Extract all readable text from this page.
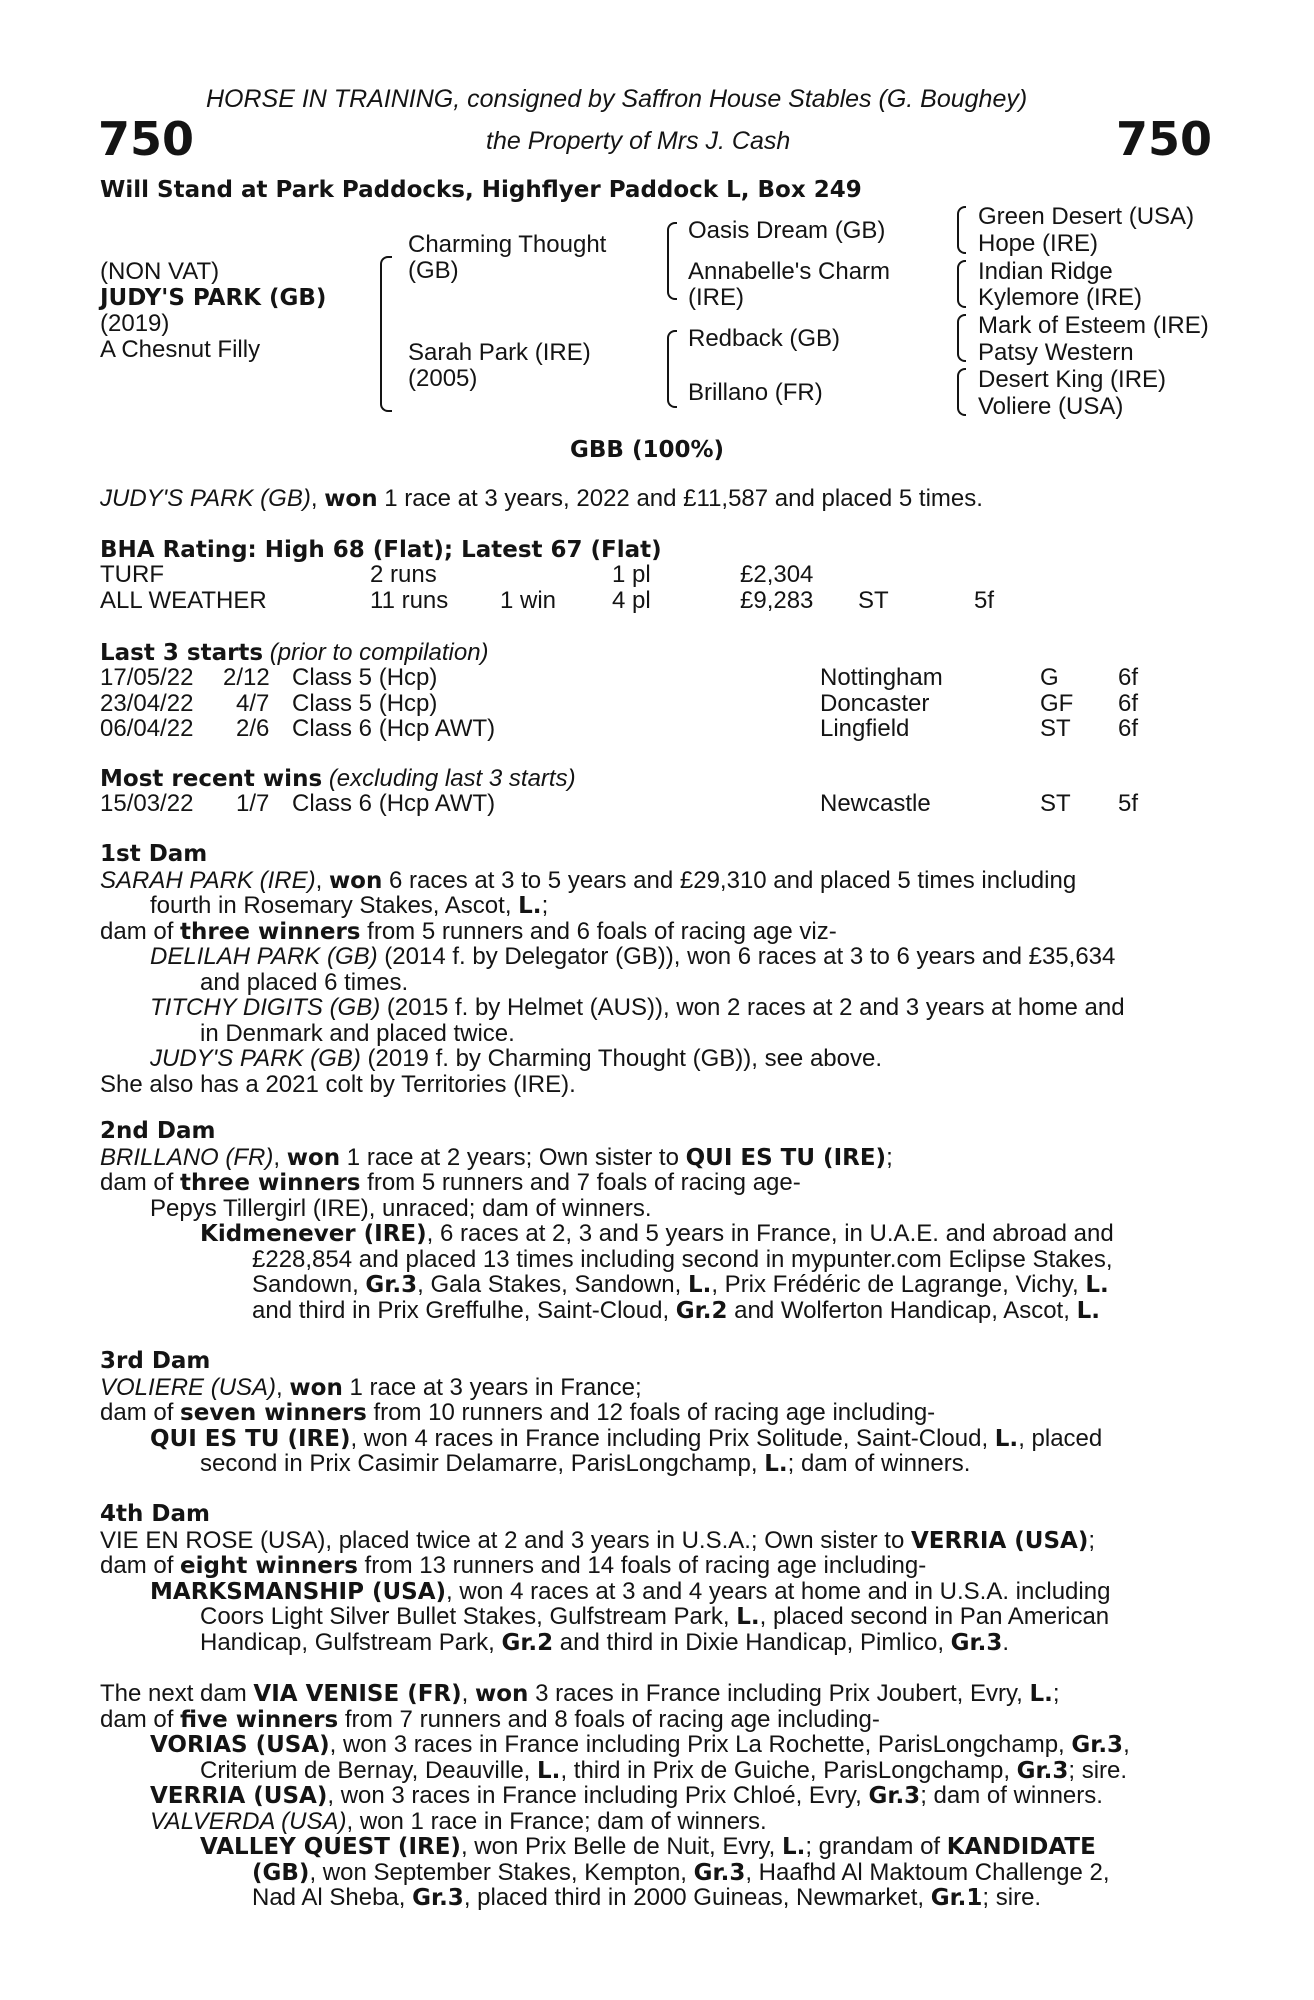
HORSE IN TRAINING, consigned by Saffron House Stables (G. Boughey)
750	the Property of Mrs J. Cash	750
Will Stand at Park Paddocks, Highflyer Paddock L, Box 249
(NON VAT)
JUDY'S PARK (GB)
(2019)
A Chesnut Filly
Charming Thought
(GB)
Sarah Park (IRE)
(2005)
Oasis Dream (GB)
Annabelle's Charm
(IRE)
Redback (GB)
Brillano (FR)
Green Desert (USA)
Hope (IRE)
Indian Ridge
Kylemore (IRE)
Mark of Esteem (IRE)
Patsy Western
Desert King (IRE)
Voliere (USA)
GBB (100%)
JUDY'S PARK (GB), won 1 race at 3 years, 2022 and £11,587 and placed 5 times.
BHA Rating: High 68 (Flat); Latest 67 (Flat)
TURF	2 runs	1 pl	£2,304
ALL WEATHER	11 runs 1 win 4 pl	£9,283 ST	5f
Last 3 starts (prior to compilation)
17/05/22 2/12 Class 5 (Hcp)	Nottingham	G 6f
23/04/22 4/7 Class 5 (Hcp)	Doncaster	GF 6f
06/04/22 2/6 Class 6 (Hcp AWT)	Lingfield	ST 6f
Most recent wins (excluding last 3 starts)
15/03/22 1/7 Class 6 (Hcp AWT)	Newcastle	ST 5f
1st Dam
SARAH PARK (IRE), won 6 races at 3 to 5 years and £29,310 and placed 5 times including
fourth in Rosemary Stakes, Ascot, L.;
dam of three winners from 5 runners and 6 foals of racing age viz-
DELILAH PARK (GB) (2014 f. by Delegator (GB)), won 6 races at 3 to 6 years and £35,634
and placed 6 times.
TITCHY DIGITS (GB) (2015 f. by Helmet (AUS)), won 2 races at 2 and 3 years at home and
in Denmark and placed twice.
JUDY'S PARK (GB) (2019 f. by Charming Thought (GB)), see above.
She also has a 2021 colt by Territories (IRE).
2nd Dam
BRILLANO (FR), won 1 race at 2 years; Own sister to QUI ES TU (IRE);
dam of three winners from 5 runners and 7 foals of racing age-
Pepys Tillergirl (IRE), unraced; dam of winners.
Kidmenever (IRE), 6 races at 2, 3 and 5 years in France, in U.A.E. and abroad and
£228,854 and placed 13 times including second in mypunter.com Eclipse Stakes,
Sandown, Gr.3, Gala Stakes, Sandown, L., Prix Frédéric de Lagrange, Vichy, L.
and third in Prix Greffulhe, Saint-Cloud, Gr.2 and Wolferton Handicap, Ascot, L.
3rd Dam
VOLIERE (USA), won 1 race at 3 years in France;
dam of seven winners from 10 runners and 12 foals of racing age including-
QUI ES TU (IRE), won 4 races in France including Prix Solitude, Saint-Cloud, L., placed
second in Prix Casimir Delamarre, ParisLongchamp, L.; dam of winners.
4th Dam
VIE EN ROSE (USA), placed twice at 2 and 3 years in U.S.A.; Own sister to VERRIA (USA);
dam of eight winners from 13 runners and 14 foals of racing age including-
MARKSMANSHIP (USA), won 4 races at 3 and 4 years at home and in U.S.A. including
Coors Light Silver Bullet Stakes, Gulfstream Park, L., placed second in Pan American
Handicap, Gulfstream Park, Gr.2 and third in Dixie Handicap, Pimlico, Gr.3.
The next dam VIA VENISE (FR), won 3 races in France including Prix Joubert, Evry, L.;
dam of five winners from 7 runners and 8 foals of racing age including-
VORIAS (USA), won 3 races in France including Prix La Rochette, ParisLongchamp, Gr.3,
Criterium de Bernay, Deauville, L., third in Prix de Guiche, ParisLongchamp, Gr.3; sire.
VERRIA (USA), won 3 races in France including Prix Chloé, Evry, Gr.3; dam of winners.
VALVERDA (USA), won 1 race in France; dam of winners.
VALLEY QUEST (IRE), won Prix Belle de Nuit, Evry, L.; grandam of KANDIDATE
(GB), won September Stakes, Kempton, Gr.3, Haafhd Al Maktoum Challenge 2,
Nad Al Sheba, Gr.3, placed third in 2000 Guineas, Newmarket, Gr.1; sire.
